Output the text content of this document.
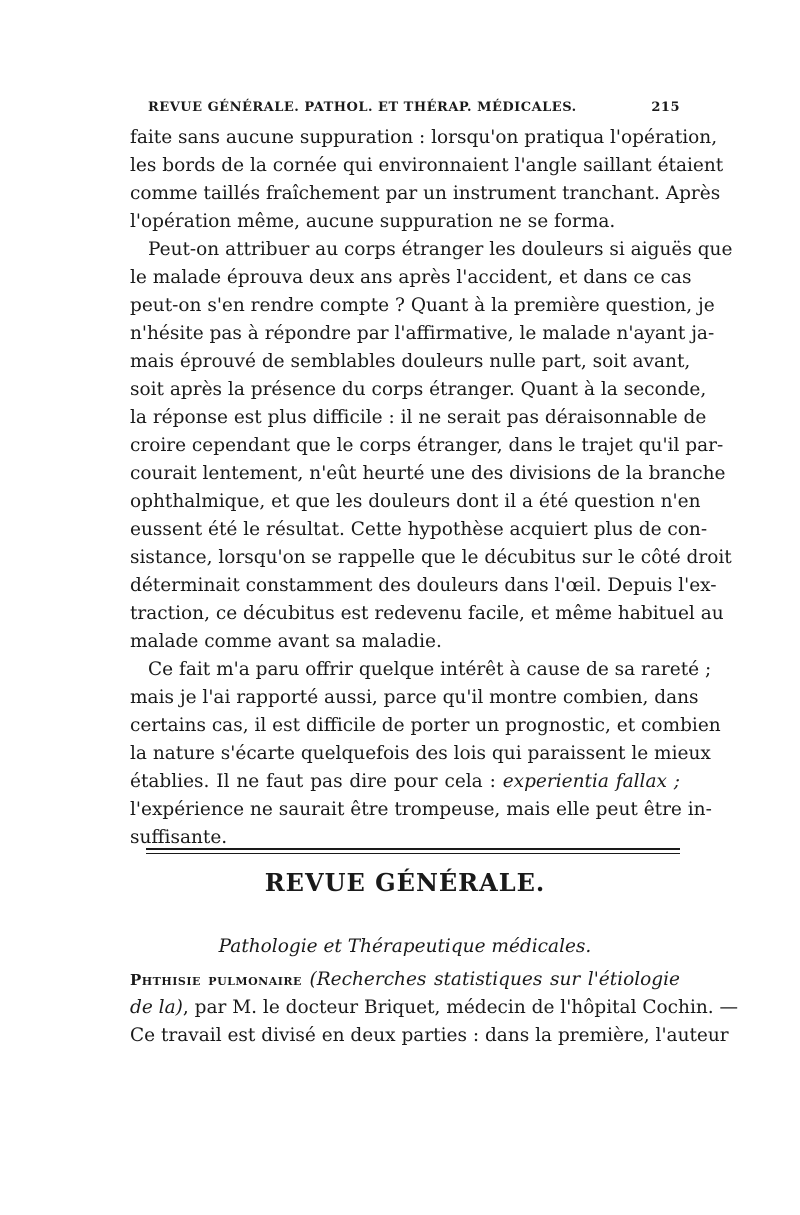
REVUE GÉNÉRALE. PATHOL. ET THÉRAP. MÉDICALES.	215
faite sans aucune suppuration : lorsqu'on pratiqua l'opération,
les bords de la cornée qui environnaient l'angle saillant étaient
comme taillés fraîchement par un instrument tranchant. Après
l'opération même, aucune suppuration ne se forma.
Peut-on attribuer au corps étranger les douleurs si aiguës que
le malade éprouva deux ans après l'accident, et dans ce cas
peut-on s'en rendre compte ? Quant à la première question, je
n'hésite pas à répondre par l'affirmative, le malade n'ayant ja-
mais éprouvé de semblables douleurs nulle part, soit avant,
soit après la présence du corps étranger. Quant à la seconde,
la réponse est plus difficile : il ne serait pas déraisonnable de
croire cependant que le corps étranger, dans le trajet qu'il par-
courait lentement, n'eût heurté une des divisions de la branche
ophthalmique, et que les douleurs dont il a été question n'en
eussent été le résultat. Cette hypothèse acquiert plus de con-
sistance, lorsqu'on se rappelle que le décubitus sur le côté droit
déterminait constamment des douleurs dans l'œil. Depuis l'ex-
traction, ce décubitus est redevenu facile, et même habituel au
malade comme avant sa maladie.
Ce fait m'a paru offrir quelque intérêt à cause de sa rareté ;
mais je l'ai rapporté aussi, parce qu'il montre combien, dans
certains cas, il est difficile de porter un prognostic, et combien
la nature s'écarte quelquefois des lois qui paraissent le mieux
établies. Il ne faut pas dire pour cela : experientia fallax ;
l'expérience ne saurait être trompeuse, mais elle peut être in-
suffisante.
REVUE GÉNÉRALE.
Pathologie et Thérapeutique médicales.
Phthisie pulmonaire (Recherches statistiques sur l'étiologie
de la), par M. le docteur Briquet, médecin de l'hôpital Cochin. —
Ce travail est divisé en deux parties : dans la première, l'auteur
